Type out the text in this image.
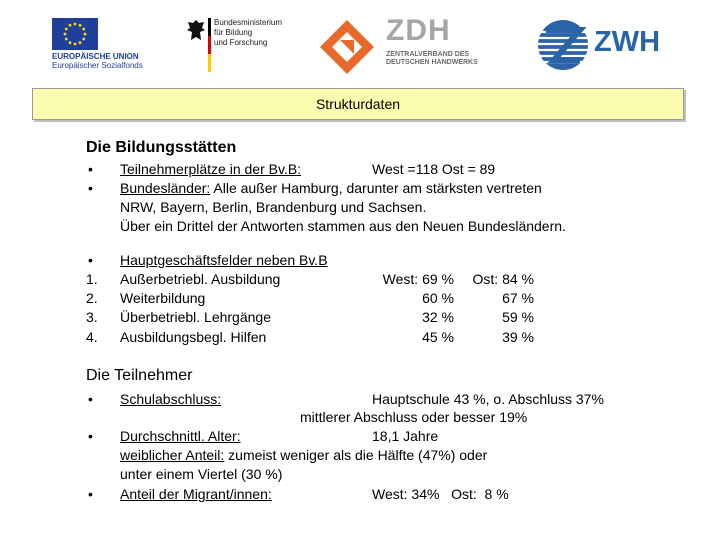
EUROPÄISCHE UNION
Europäischer Sozialfonds
Bundesministerium
für Bildung
und Forschung	ZDH
ZENTRALVERBAND DES
DEUTSCHEN HANDWERKS
ZWH
Strukturdaten
Die Bildungsstätten
• Teilnehmerplätze in der Bv.B:	West =118 Ost = 89
• Bundesländer: Alle außer Hamburg, darunter am stärksten vertreten
NRW, Bayern, Berlin, Brandenburg und Sachsen.
Über ein Drittel der Antworten stammen aus den Neuen Bundesländern.
• Hauptgeschäftsfelder neben Bv.B
1. Außerbetriebl. Ausbildung	West: 69 % Ost: 84 %
2. Weiterbildung	60 %	67 %
3. Überbetriebl. Lehrgänge	32 %	59 %
4. Ausbildungsbegl. Hilfen	45 %	39 %
Die Teilnehmer
• Schulabschluss:	Hauptschule 43 %, o. Abschluss 37%
mittlerer Abschluss oder besser 19%
• Durchschnittl. Alter:	18,1 Jahre
weiblicher Anteil: zumeist weniger als die Hälfte (47%) oder
unter einem Viertel (30 %)
• Anteil der Migrant/innen:	West: 34%   Ost:  8 %
